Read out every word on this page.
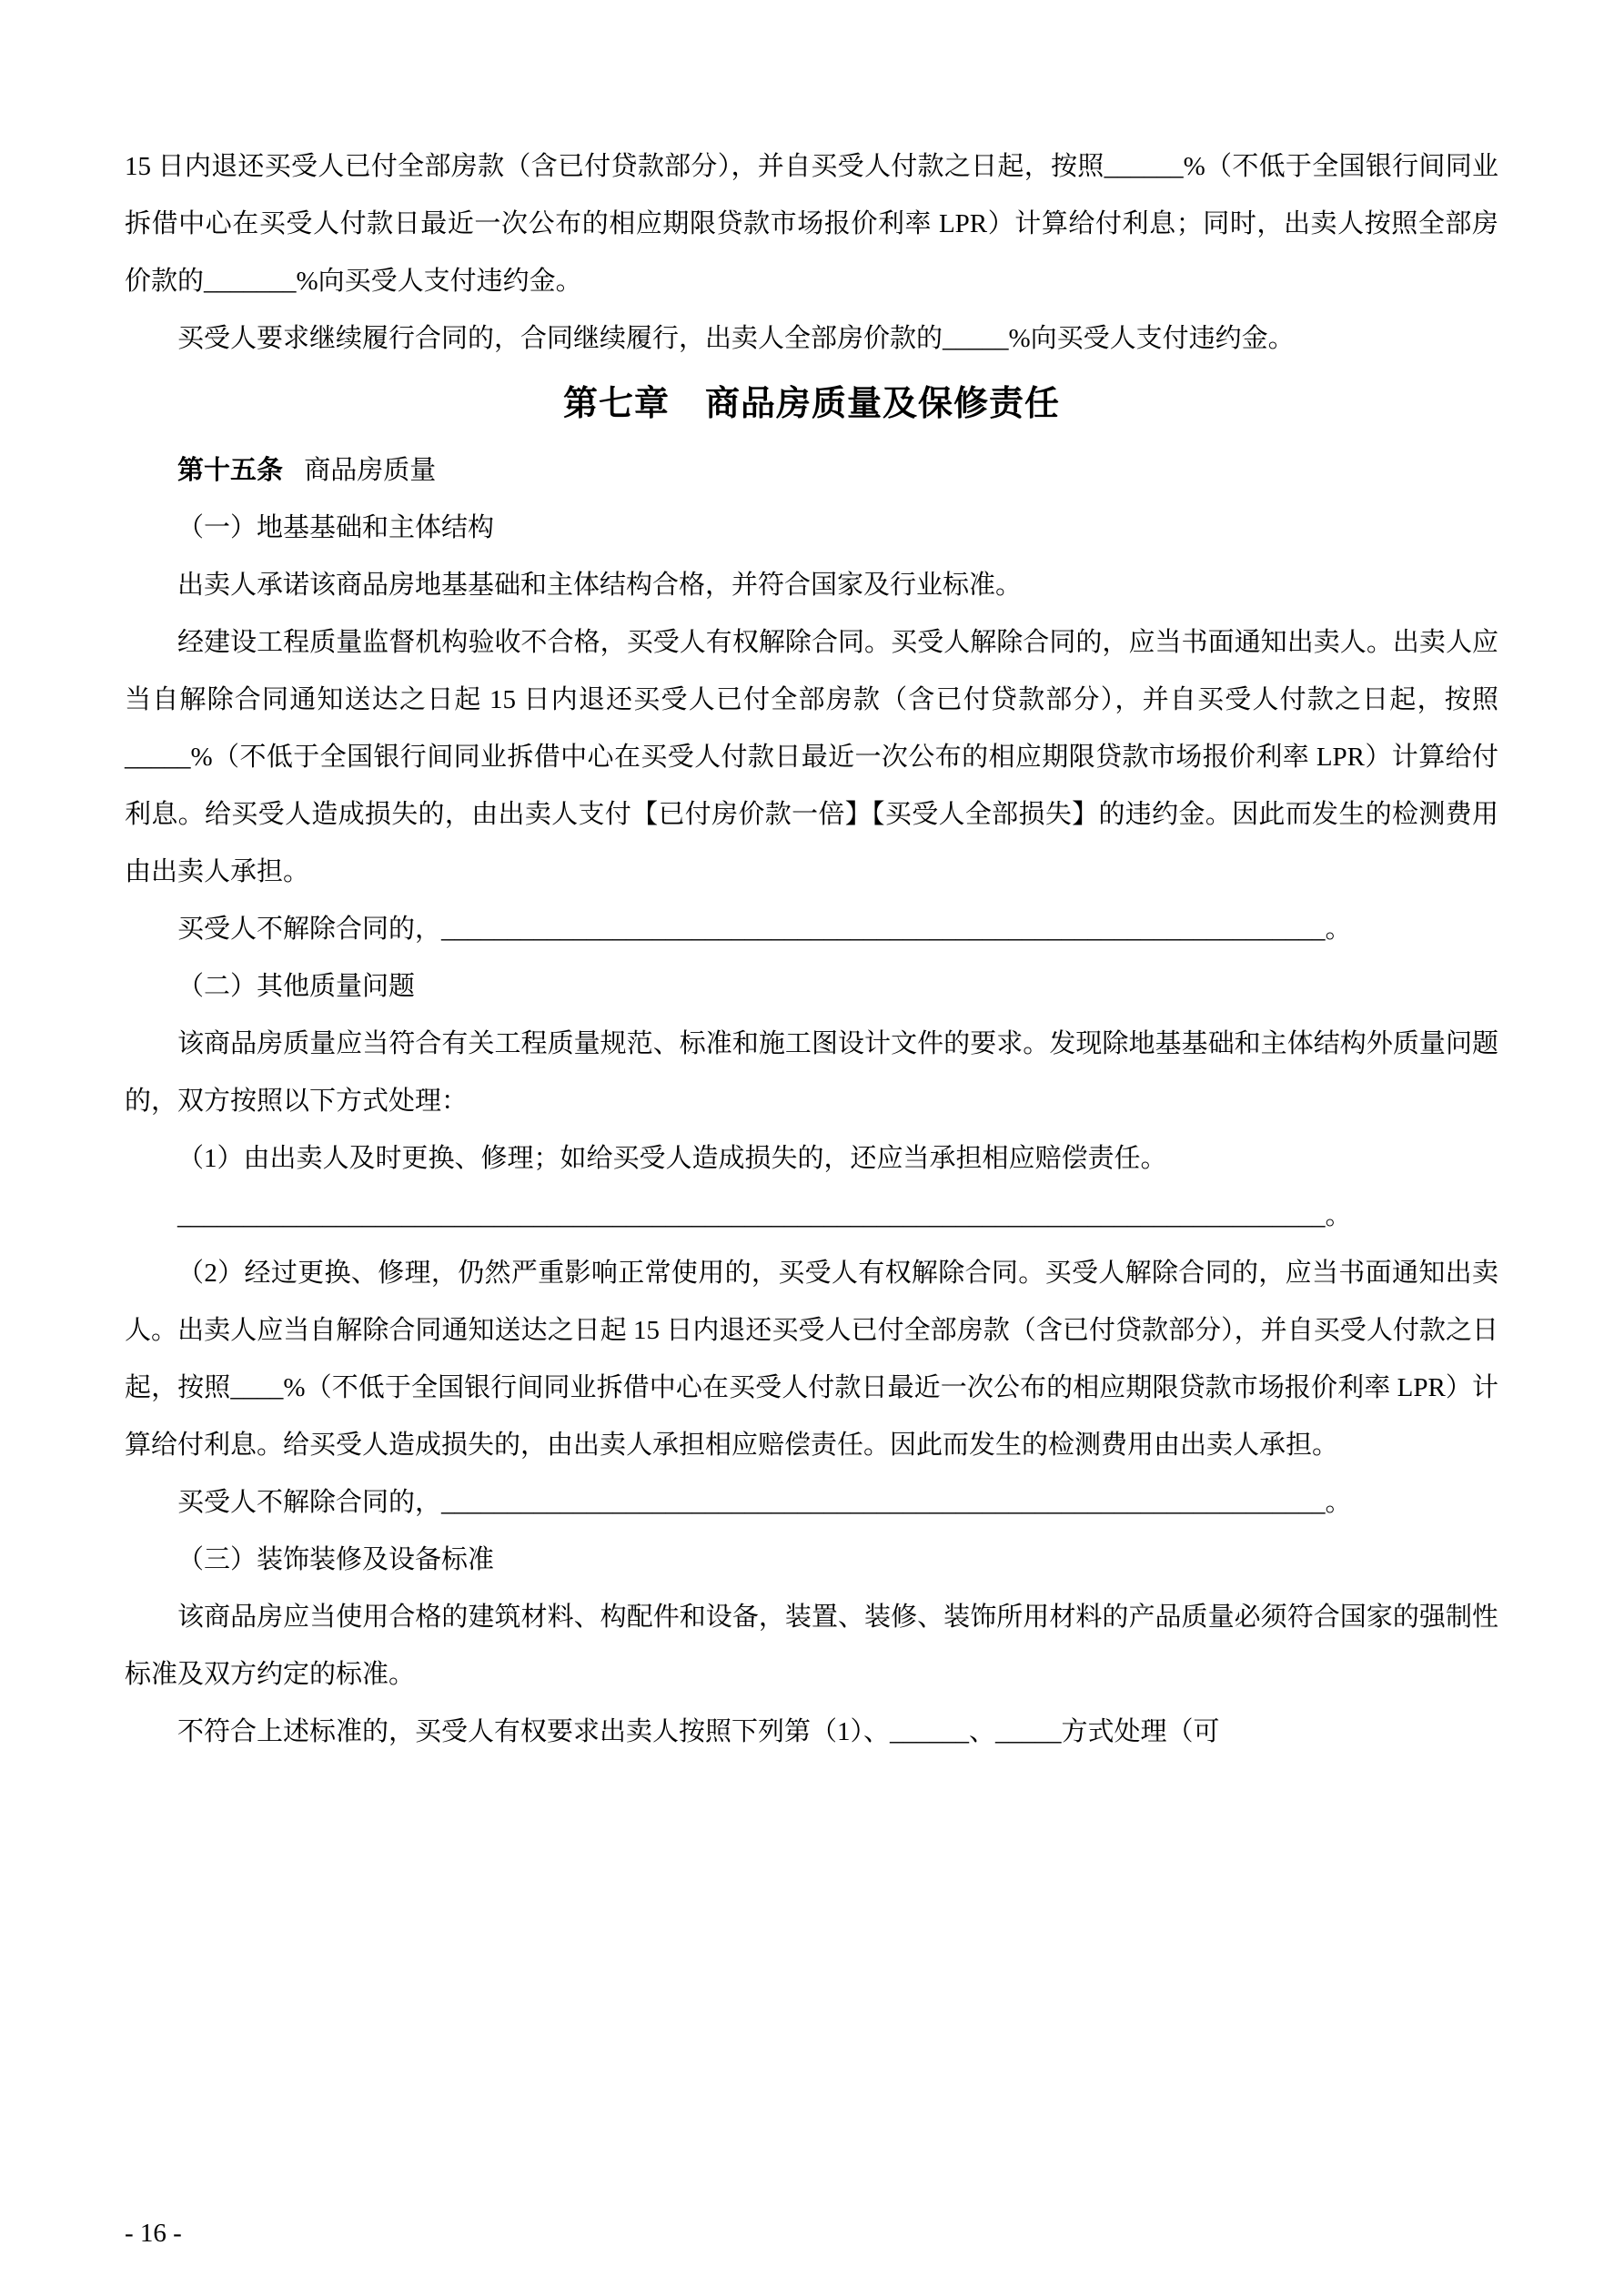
15 日内退还买受人已付全部房款（含已付贷款部分），并自买受人付款之日起，按照______%（不低于全国银行间同业拆借中心在买受人付款日最近一次公布的相应期限贷款市场报价利率 LPR）计算给付利息；同时，出卖人按照全部房价款的_______%向买受人支付违约金。

买受人要求继续履行合同的，合同继续履行，出卖人全部房价款的_____%向买受人支付违约金。

第七章　商品房质量及保修责任

第十五条 商品房质量

（一）地基基础和主体结构

出卖人承诺该商品房地基基础和主体结构合格，并符合国家及行业标准。

经建设工程质量监督机构验收不合格，买受人有权解除合同。买受人解除合同的，应当书面通知出卖人。出卖人应当自解除合同通知送达之日起 15 日内退还买受人已付全部房款（含已付贷款部分），并自买受人付款之日起，按照_____%（不低于全国银行间同业拆借中心在买受人付款日最近一次公布的相应期限贷款市场报价利率 LPR）计算给付利息。给买受人造成损失的，由出卖人支付【已付房价款一倍】【买受人全部损失】的违约金。因此而发生的检测费用由出卖人承担。

买受人不解除合同的，___________________________________________________________________。

（二）其他质量问题

该商品房质量应当符合有关工程质量规范、标准和施工图设计文件的要求。发现除地基基础和主体结构外质量问题的，双方按照以下方式处理：

（1）由出卖人及时更换、修理；如给买受人造成损失的，还应当承担相应赔偿责任。

_______________________________________________________________________________________。

（2）经过更换、修理，仍然严重影响正常使用的，买受人有权解除合同。买受人解除合同的，应当书面通知出卖人。出卖人应当自解除合同通知送达之日起 15 日内退还买受人已付全部房款（含已付贷款部分），并自买受人付款之日起，按照____%（不低于全国银行间同业拆借中心在买受人付款日最近一次公布的相应期限贷款市场报价利率 LPR）计算给付利息。给买受人造成损失的，由出卖人承担相应赔偿责任。因此而发生的检测费用由出卖人承担。

买受人不解除合同的，___________________________________________________________________。

（三）装饰装修及设备标准

该商品房应当使用合格的建筑材料、构配件和设备，装置、装修、装饰所用材料的产品质量必须符合国家的强制性标准及双方约定的标准。

不符合上述标准的，买受人有权要求出卖人按照下列第（1）、______、_____方式处理（可

- 16 -
